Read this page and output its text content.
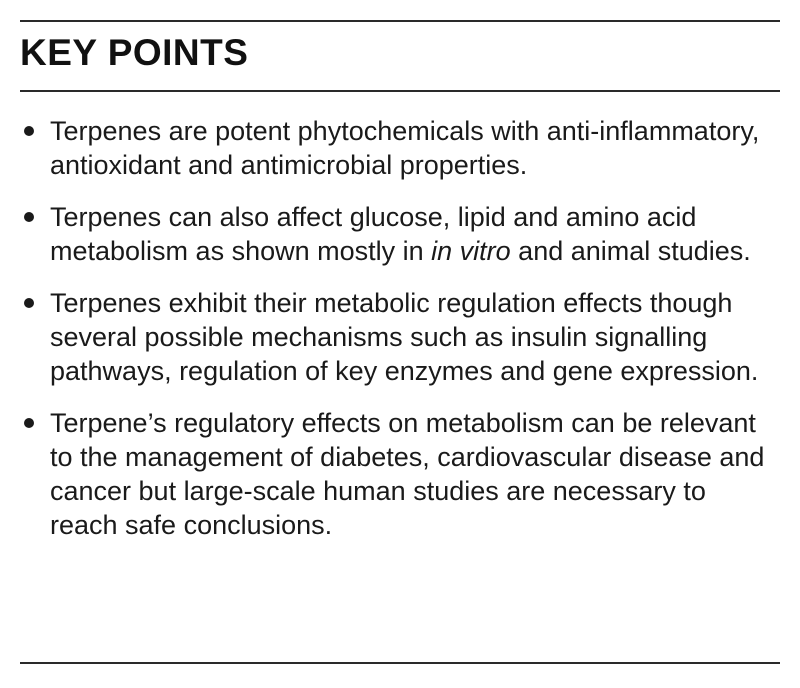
KEY POINTS
Terpenes are potent phytochemicals with anti-inflammatory, antioxidant and antimicrobial properties.
Terpenes can also affect glucose, lipid and amino acid metabolism as shown mostly in in vitro and animal studies.
Terpenes exhibit their metabolic regulation effects though several possible mechanisms such as insulin signalling pathways, regulation of key enzymes and gene expression.
Terpene’s regulatory effects on metabolism can be relevant to the management of diabetes, cardiovascular disease and cancer but large-scale human studies are necessary to reach safe conclusions.
